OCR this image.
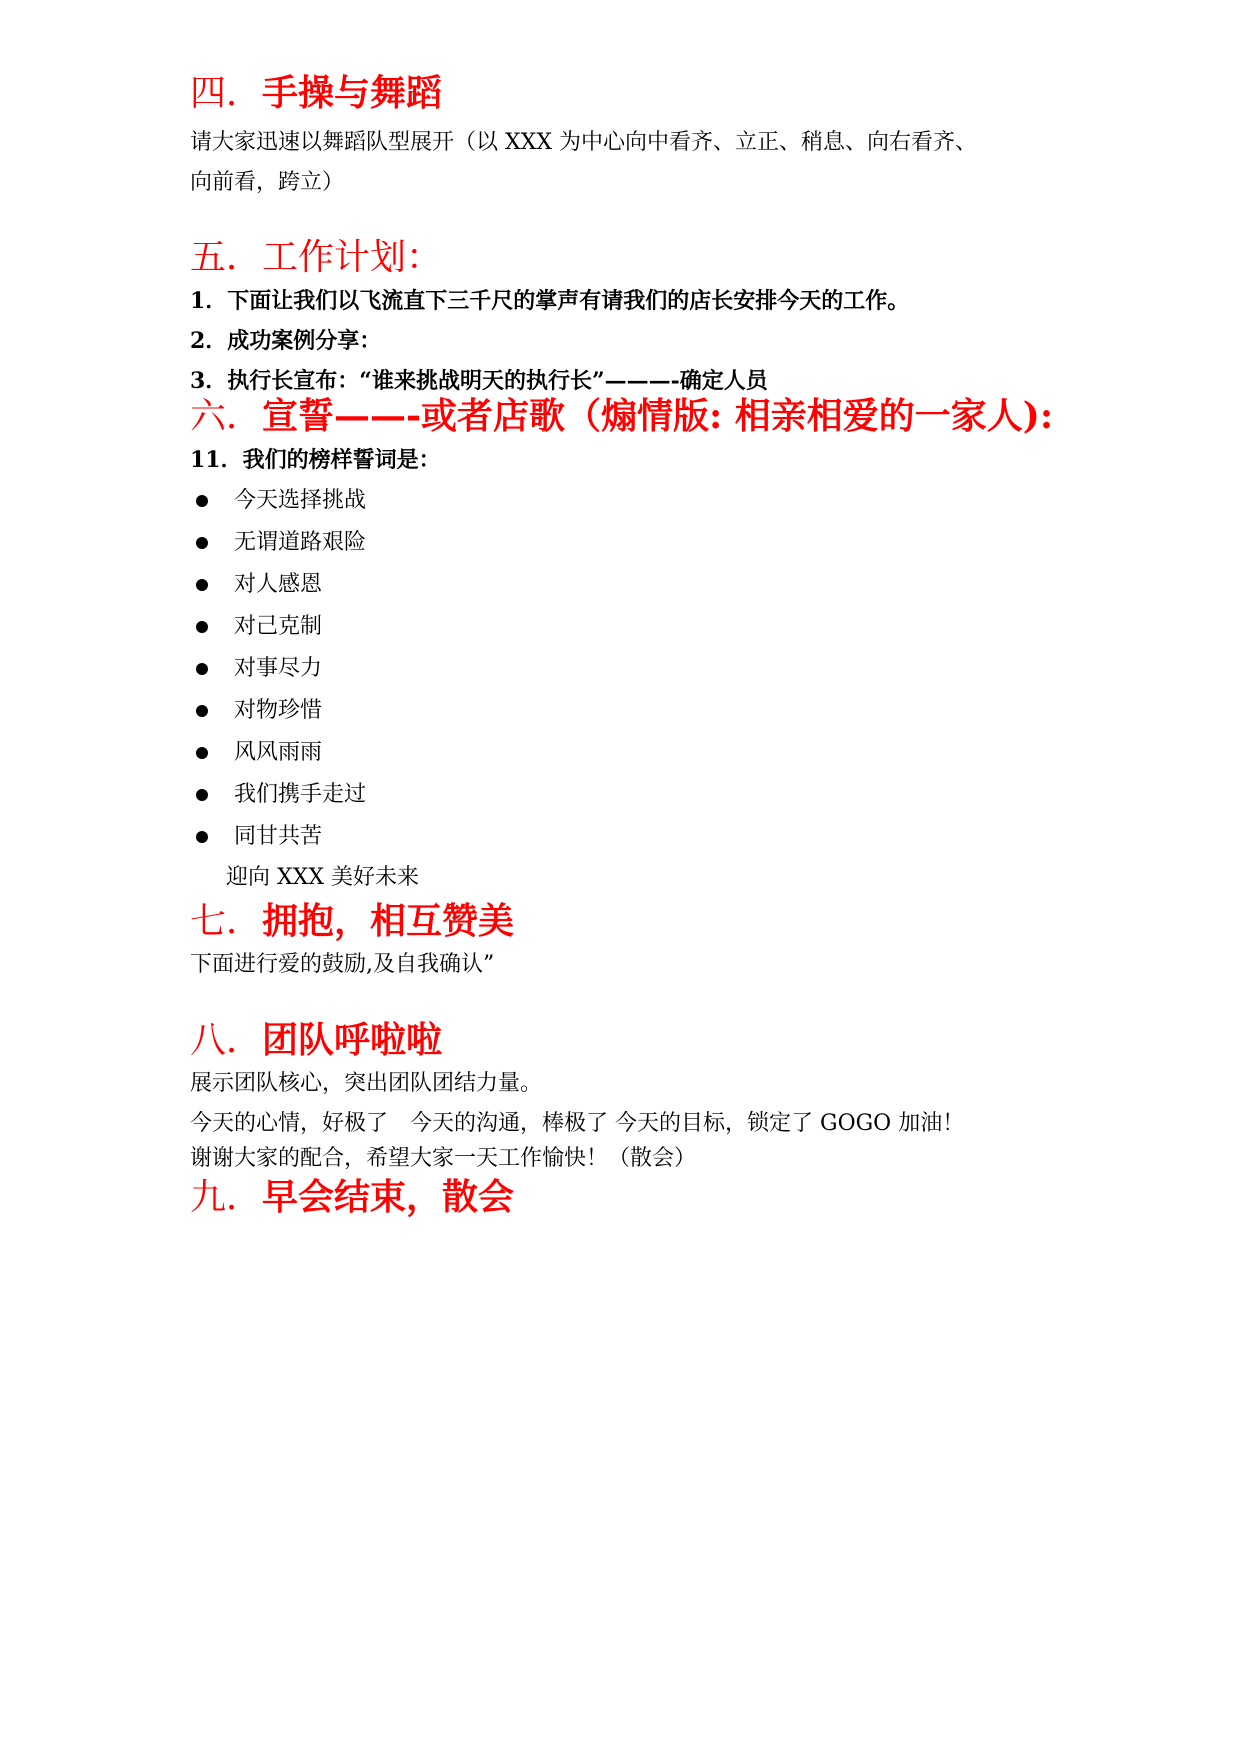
四．手操与舞蹈

请大家迅速以舞蹈队型展开（以 XXX 为中心向中看齐、立正、稍息、向右看齐、

向前看，跨立）

五．工作计划：

1．下面让我们以飞流直下三千尺的掌声有请我们的店长安排今天的工作。

2．成功案例分享：

3．执行长宣布：“谁来挑战明天的执行长”———-确定人员

六．宣誓——-或者店歌（煽情版: 相亲相爱的一家人):

11．我们的榜样誓词是：

今天选择挑战
无谓道路艰险
对人感恩
对己克制
对事尽力
对物珍惜
风风雨雨
我们携手走过
同甘共苦

迎向 XXX 美好未来

七．拥抱，相互赞美

下面进行爱的鼓励,及自我确认”

八．团队呼啦啦

展示团队核心，突出团队团结力量。

今天的心情，好极了　今天的沟通，棒极了 今天的目标，锁定了 GOGO 加油！

谢谢大家的配合，希望大家一天工作愉快！（散会）

九．早会结束，散会
